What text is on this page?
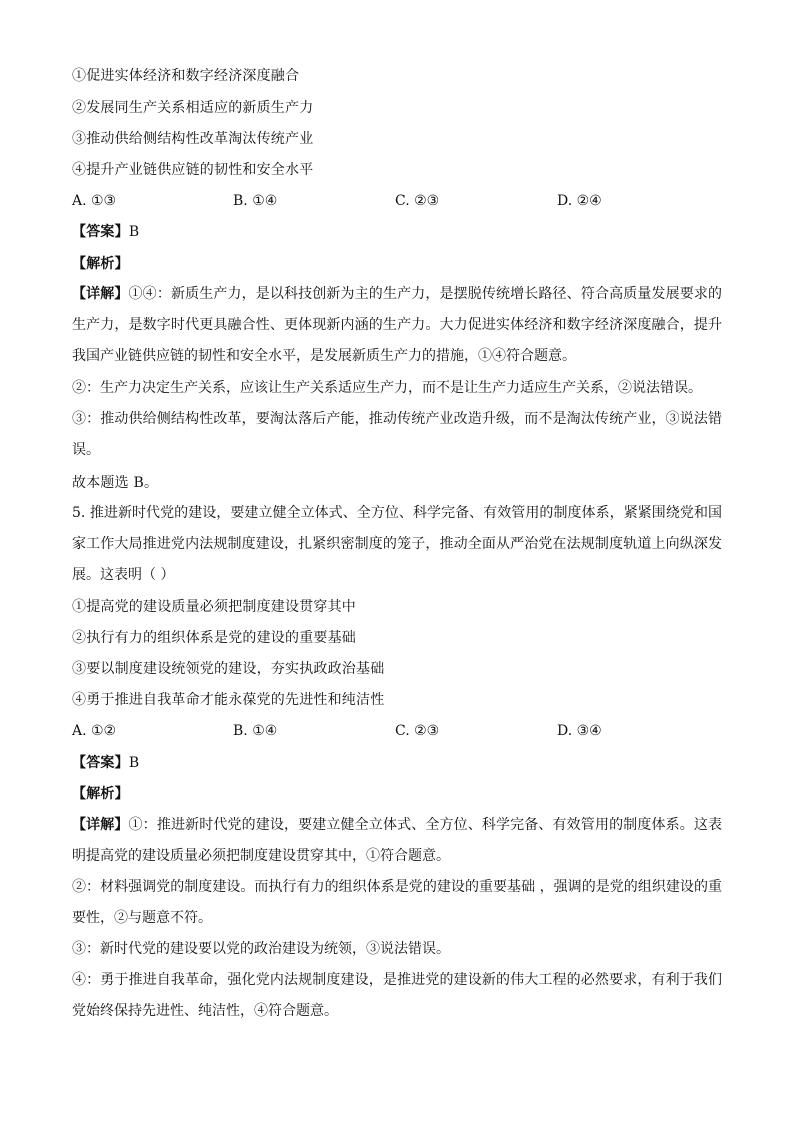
①促进实体经济和数字经济深度融合
②发展同生产关系相适应的新质生产力
③推动供给侧结构性改革淘汰传统产业
④提升产业链供应链的韧性和安全水平
A. ①③	B. ①④	C. ②③	D. ②④
【答案】B
【解析】
【详解】①④：新质生产力，是以科技创新为主的生产力，是摆脱传统增长路径、符合高质量发展要求的生产力，是数字时代更具融合性、更体现新内涵的生产力。大力促进实体经济和数字经济深度融合，提升我国产业链供应链的韧性和安全水平，是发展新质生产力的措施，①④符合题意。
②：生产力决定生产关系，应该让生产关系适应生产力，而不是让生产力适应生产关系，②说法错误。
③：推动供给侧结构性改革，要淘汰落后产能，推动传统产业改造升级，而不是淘汰传统产业，③说法错误。
故本题选 B。
5. 推进新时代党的建设，要建立健全立体式、全方位、科学完备、有效管用的制度体系，紧紧围绕党和国家工作大局推进党内法规制度建设，扎紧织密制度的笼子，推动全面从严治党在法规制度轨道上向纵深发展。这表明（ ）
①提高党的建设质量必须把制度建设贯穿其中
②执行有力的组织体系是党的建设的重要基础
③要以制度建设统领党的建设，夯实执政政治基础
④勇于推进自我革命才能永葆党的先进性和纯洁性
A. ①②	B. ①④	C. ②③	D. ③④
【答案】B
【解析】
【详解】①：推进新时代党的建设，要建立健全立体式、全方位、科学完备、有效管用的制度体系。这表明提高党的建设质量必须把制度建设贯穿其中，①符合题意。
②：材料强调党的制度建设。而执行有力的组织体系是党的建设的重要基础 ，强调的是党的组织建设的重要性，②与题意不符。
③：新时代党的建设要以党的政治建设为统领，③说法错误。
④：勇于推进自我革命，强化党内法规制度建设，是推进党的建设新的伟大工程的必然要求，有利于我们党始终保持先进性、纯洁性，④符合题意。
